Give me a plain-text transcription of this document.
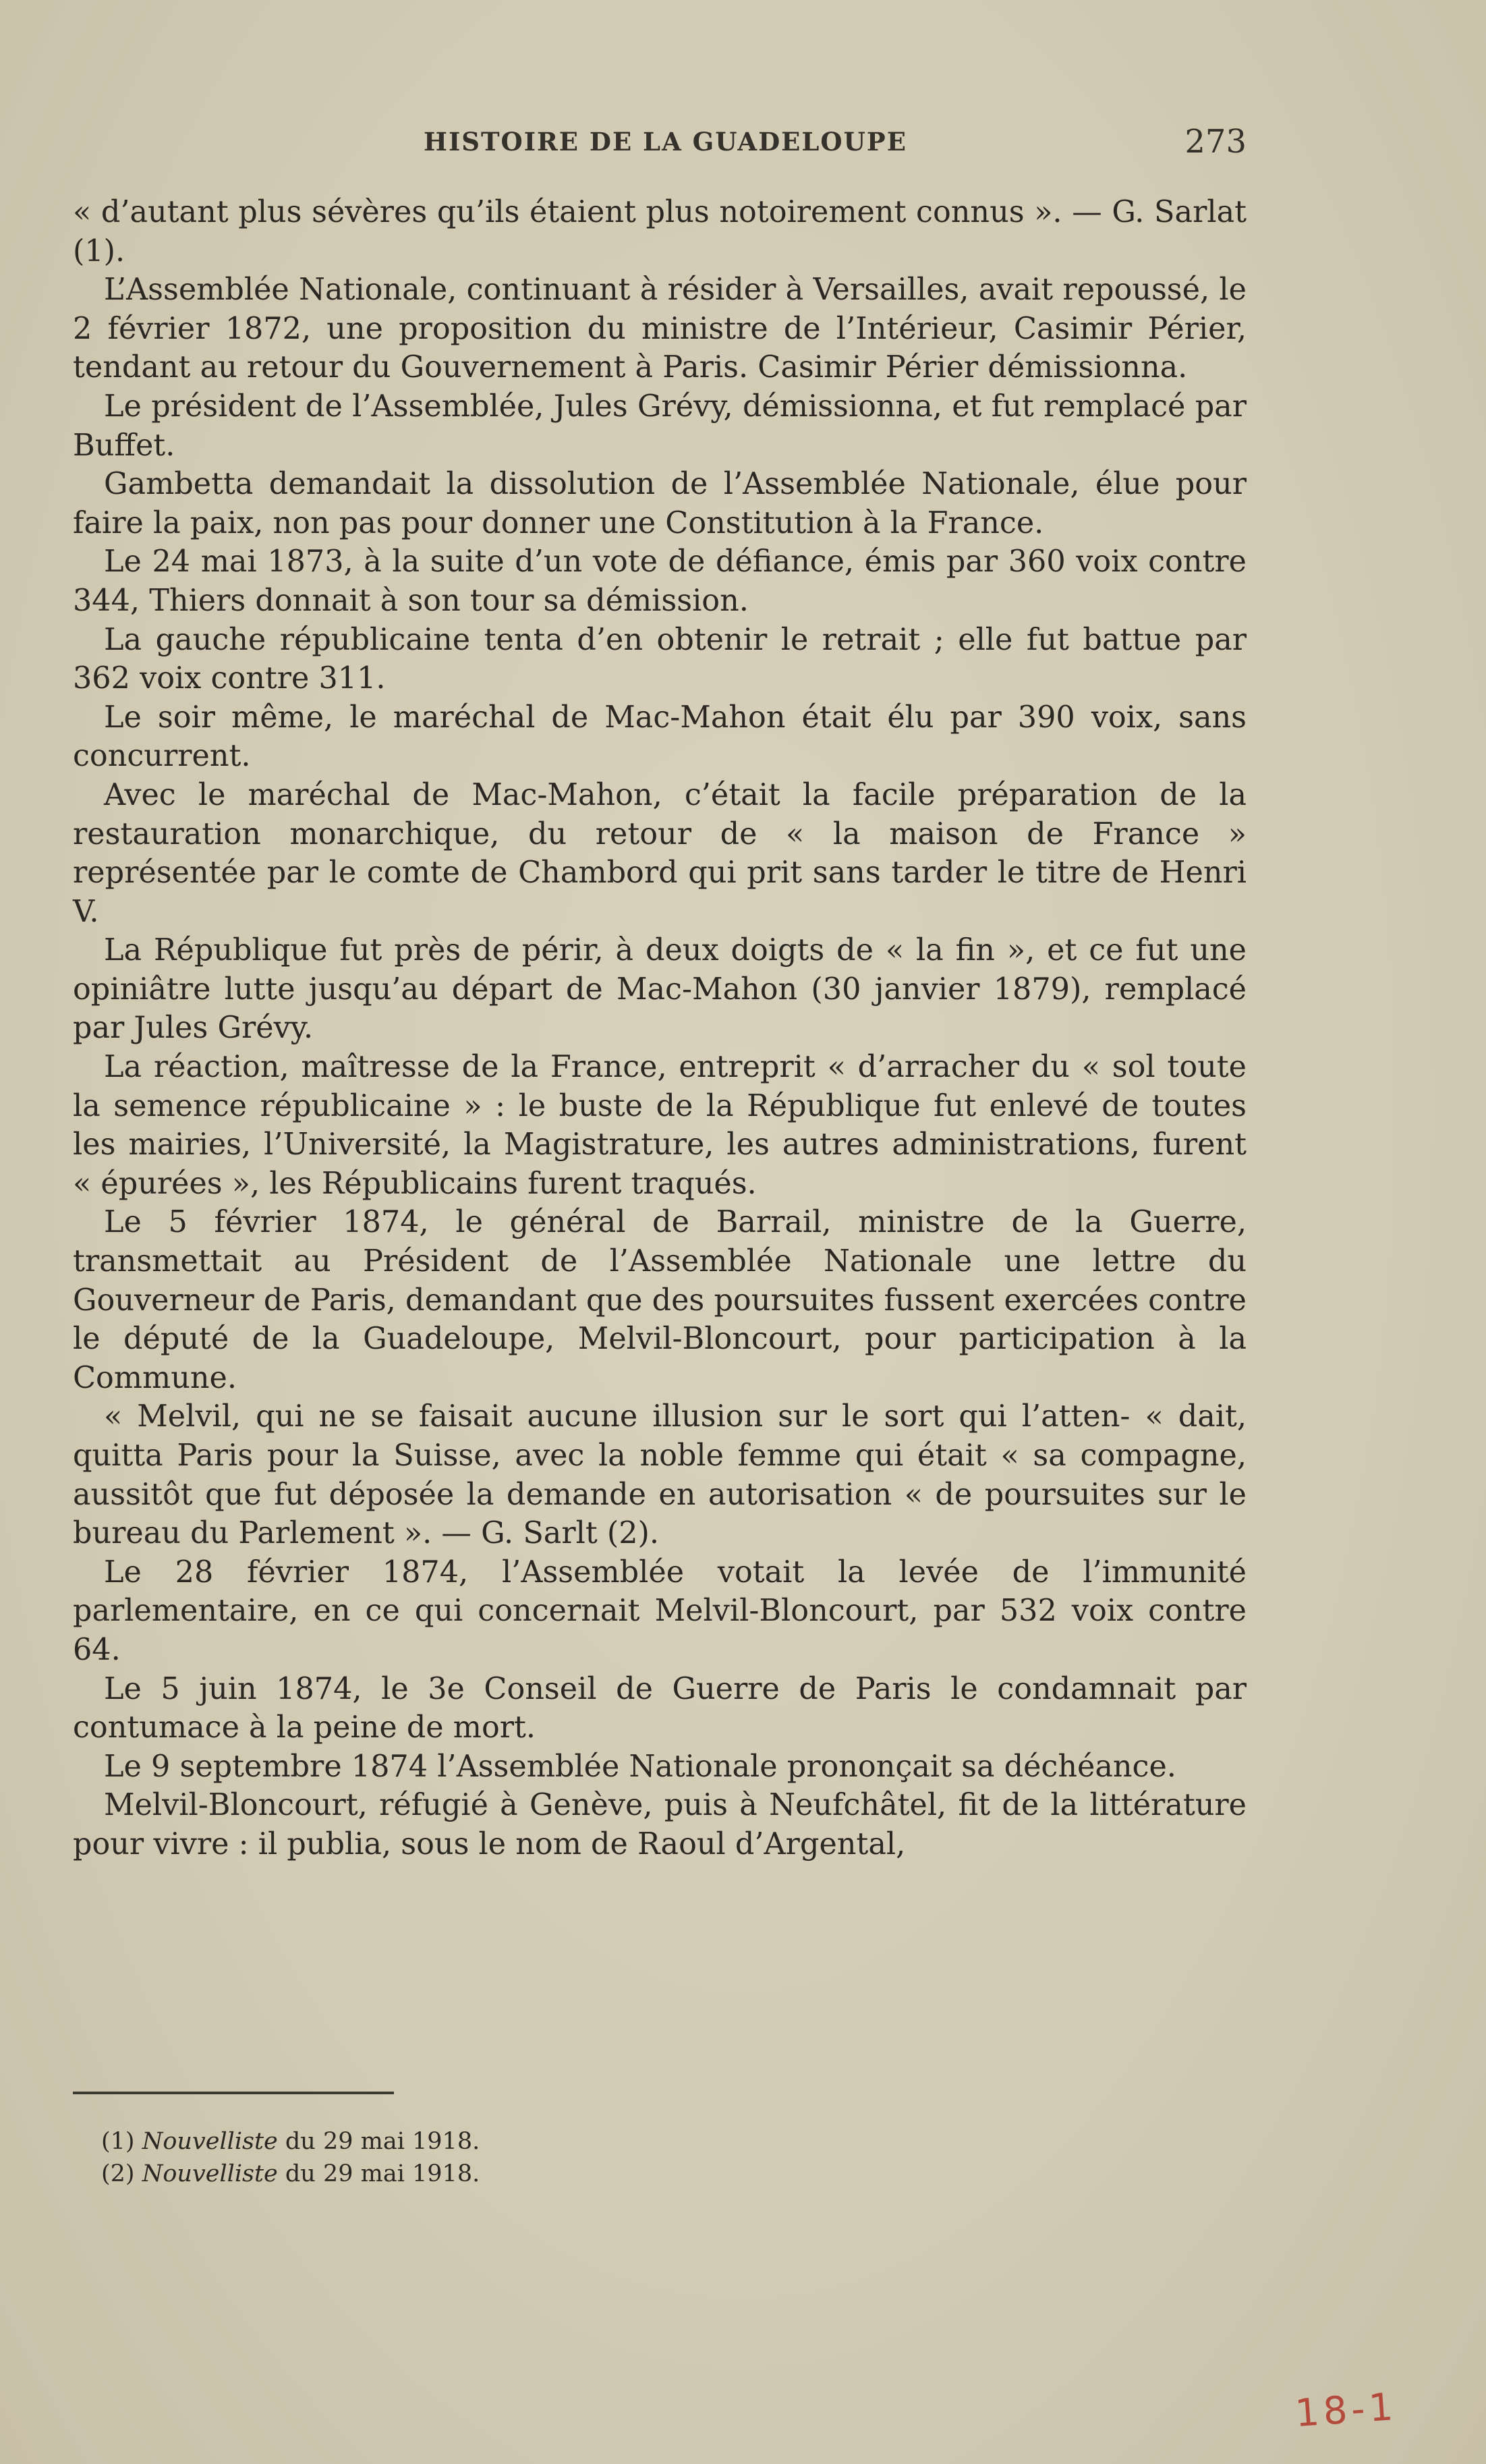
HISTOIRE DE LA GUADELOUPE	273

« d’autant plus sévères qu’ils étaient plus notoirement connus ». — G. Sarlat (1).

L’Assemblée Nationale, continuant à résider à Versailles, avait repoussé, le 2 février 1872, une proposition du ministre de l’Intérieur, Casimir Périer, tendant au retour du Gouvernement à Paris. Casimir Périer démissionna.

Le président de l’Assemblée, Jules Grévy, démissionna, et fut remplacé par Buffet.

Gambetta demandait la dissolution de l’Assemblée Nationale, élue pour faire la paix, non pas pour donner une Constitution à la France.

Le 24 mai 1873, à la suite d’un vote de défiance, émis par 360 voix contre 344, Thiers donnait à son tour sa démission.

La gauche républicaine tenta d’en obtenir le retrait ; elle fut battue par 362 voix contre 311.

Le soir même, le maréchal de Mac-Mahon était élu par 390 voix, sans concurrent.

Avec le maréchal de Mac-Mahon, c’était la facile préparation de la restauration monarchique, du retour de « la maison de France » représentée par le comte de Chambord qui prit sans tarder le titre de Henri V.

La République fut près de périr, à deux doigts de « la fin », et ce fut une opiniâtre lutte jusqu’au départ de Mac-Mahon (30 janvier 1879), remplacé par Jules Grévy.

La réaction, maîtresse de la France, entreprit « d’arracher du « sol toute la semence républicaine » : le buste de la République fut enlevé de toutes les mairies, l’Université, la Magistrature, les autres administrations, furent « épurées », les Républicains furent traqués.

Le 5 février 1874, le général de Barrail, ministre de la Guerre, transmettait au Président de l’Assemblée Nationale une lettre du Gouverneur de Paris, demandant que des poursuites fussent exercées contre le député de la Guadeloupe, Melvil-Bloncourt, pour participation à la Commune.

« Melvil, qui ne se faisait aucune illusion sur le sort qui l’atten- « dait, quitta Paris pour la Suisse, avec la noble femme qui était « sa compagne, aussitôt que fut déposée la demande en autorisation « de poursuites sur le bureau du Parlement ». — G. Sarlt (2).

Le 28 février 1874, l’Assemblée votait la levée de l’immunité parlementaire, en ce qui concernait Melvil-Bloncourt, par 532 voix contre 64.

Le 5 juin 1874, le 3e Conseil de Guerre de Paris le condamnait par contumace à la peine de mort.

Le 9 septembre 1874 l’Assemblée Nationale prononçait sa déchéance.

Melvil-Bloncourt, réfugié à Genève, puis à Neufchâtel, fit de la littérature pour vivre : il publia, sous le nom de Raoul d’Argental,

(1) Nouvelliste du 29 mai 1918.

(2) Nouvelliste du 29 mai 1918.

18-1
